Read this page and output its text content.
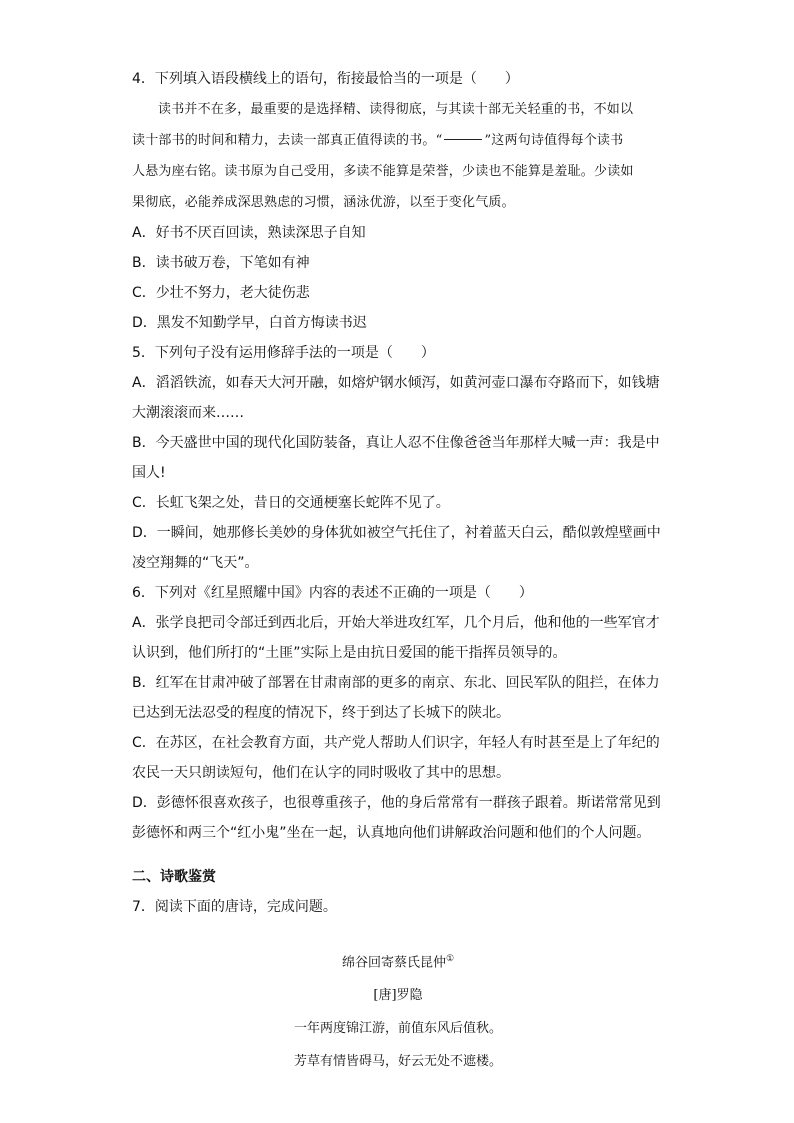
4．下列填入语段横线上的语句，衔接最恰当的一项是（　　）
读书并不在多，最重要的是选择精、读得彻底，与其读十部无关轻重的书，不如以
读十部书的时间和精力，去读一部真正值得读的书。“	”这两句诗值得每个读书
人悬为座右铭。读书原为自己受用，多读不能算是荣誉，少读也不能算是羞耻。少读如
果彻底，必能养成深思熟虑的习惯，涵泳优游，以至于变化气质。
A．好书不厌百回读，熟读深思子自知
B．读书破万卷，下笔如有神
C．少壮不努力，老大徒伤悲
D．黑发不知勤学早，白首方悔读书迟
5．下列句子没有运用修辞手法的一项是（　　）
A．滔滔铁流，如春天大河开融，如熔炉钢水倾泻，如黄河壶口瀑布夺路而下，如钱塘
大潮滚滚而来……
B．今天盛世中国的现代化国防装备，真让人忍不住像爸爸当年那样大喊一声：我是中
国人!
C．长虹飞架之处，昔日的交通梗塞长蛇阵不见了。
D．一瞬间，她那修长美妙的身体犹如被空气托住了，衬着蓝天白云，酷似敦煌壁画中
凌空翔舞的“飞天”。
6．下列对《红星照耀中国》内容的表述不正确的一项是（　　）
A．张学良把司令部迁到西北后，开始大举进攻红军，几个月后，他和他的一些军官才
认识到，他们所打的“土匪”实际上是由抗日爱国的能干指挥员领导的。
B．红军在甘肃冲破了部署在甘肃南部的更多的南京、东北、回民军队的阻拦，在体力
已达到无法忍受的程度的情况下，终于到达了长城下的陕北。
C．在苏区，在社会教育方面，共产党人帮助人们识字，年轻人有时甚至是上了年纪的
农民一天只朗读短句，他们在认字的同时吸收了其中的思想。
D．彭德怀很喜欢孩子，也很尊重孩子，他的身后常常有一群孩子跟着。斯诺常常见到
彭德怀和两三个“红小鬼”坐在一起，认真地向他们讲解政治问题和他们的个人问题。
二、诗歌鉴赏
7．阅读下面的唐诗，完成问题。
绵谷回寄蔡氏昆仲①
[唐]罗隐
一年两度锦江游，前值东风后值秋。
芳草有情皆碍马，好云无处不遮楼。
